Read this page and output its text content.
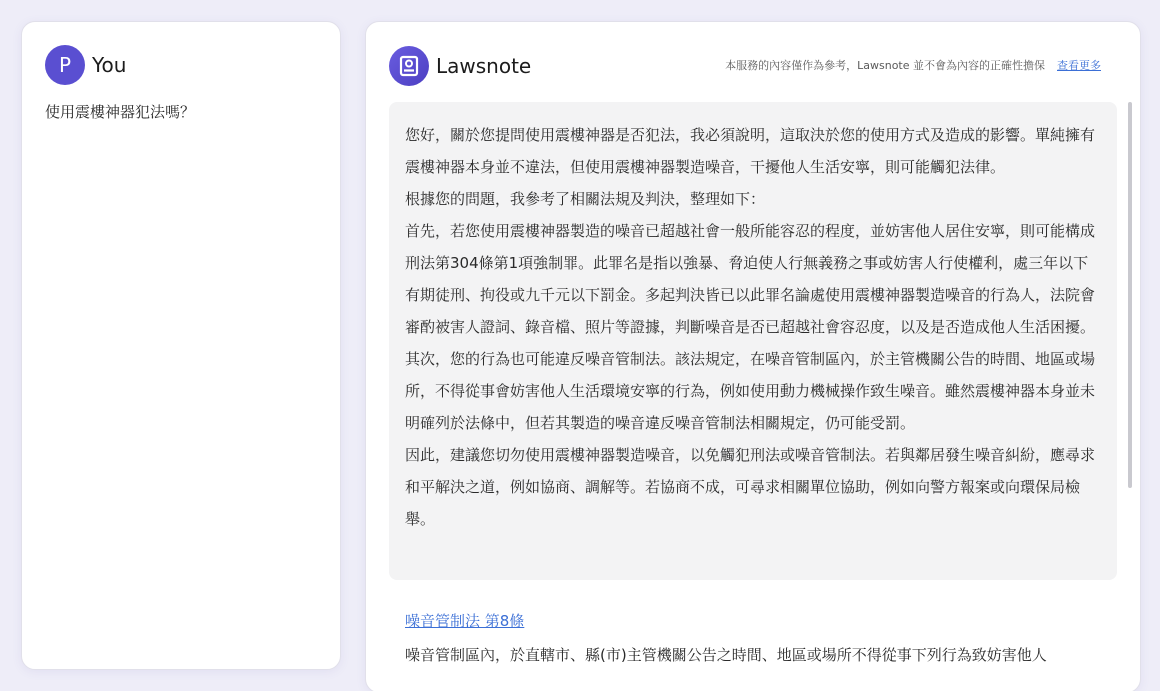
P	You
使用震樓神器犯法嗎？
Lawsnote	本服務的內容僅作為參考，Lawsnote 並不會為內容的正確性擔保 查看更多

您好，關於您提問使用震樓神器是否犯法，我必須說明，這取決於您的使用方式及造成的影響。單純擁有震樓神器本身並不違法，但使用震樓神器製造噪音，干擾他人生活安寧，則可能觸犯法律。

根據您的問題，我參考了相關法規及判決，整理如下：

首先，若您使用震樓神器製造的噪音已超越社會一般所能容忍的程度，並妨害他人居住安寧，則可能構成刑法第304條第1項強制罪。此罪名是指以強暴、脅迫使人行無義務之事或妨害人行使權利，處三年以下有期徒刑、拘役或九千元以下罰金。多起判決皆已以此罪名論處使用震樓神器製造噪音的行為人，法院會審酌被害人證詞、錄音檔、照片等證據，判斷噪音是否已超越社會容忍度，以及是否造成他人生活困擾。

其次，您的行為也可能違反噪音管制法。該法規定，在噪音管制區內，於主管機關公告的時間、地區或場所，不得從事會妨害他人生活環境安寧的行為，例如使用動力機械操作致生噪音。雖然震樓神器本身並未明確列於法條中，但若其製造的噪音違反噪音管制法相關規定，仍可能受罰。

因此，建議您切勿使用震樓神器製造噪音，以免觸犯刑法或噪音管制法。若與鄰居發生噪音糾紛，應尋求和平解決之道，例如協商、調解等。若協商不成，可尋求相關單位協助，例如向警方報案或向環保局檢舉。

噪音管制法 第8條
噪音管制區內，於直轄市、縣(市)主管機關公告之時間、地區或場所不得從事下列行為致妨害他人
